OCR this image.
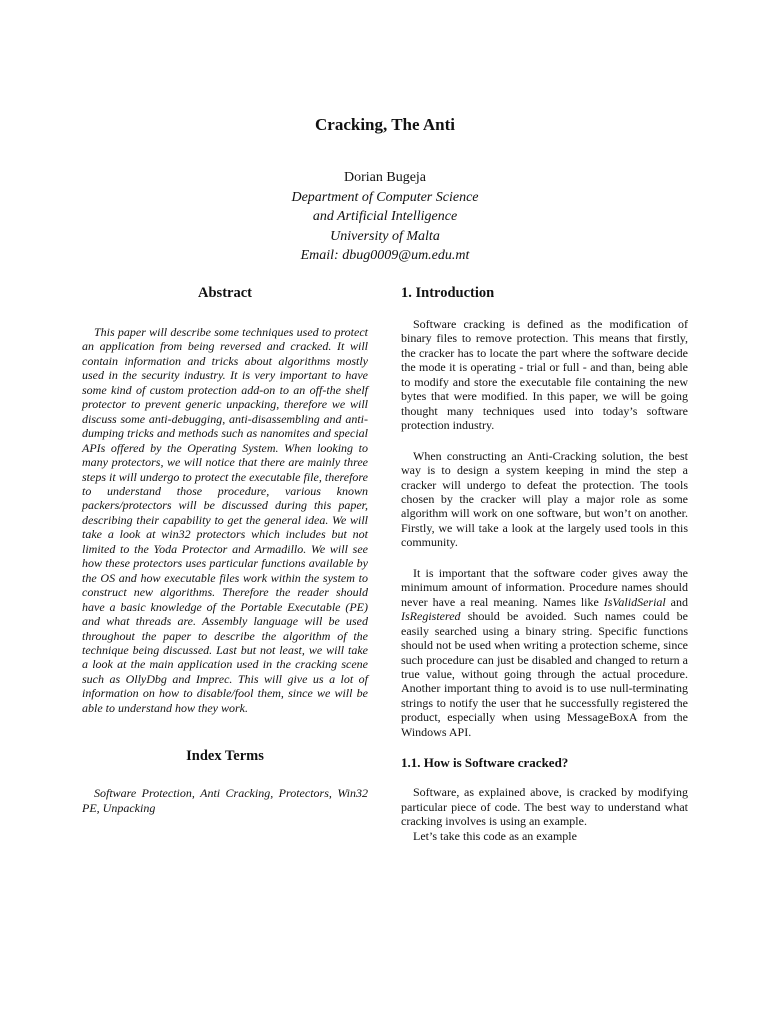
Cracking, The Anti
Dorian Bugeja
Department of Computer Science
and Artificial Intelligence
University of Malta
Email: dbug0009@um.edu.mt
Abstract

This paper will describe some techniques used to protect an application from being reversed and cracked. It will contain information and tricks about algorithms mostly used in the security industry. It is very important to have some kind of custom protection add-on to an off-the shelf protector to prevent generic unpacking, therefore we will discuss some anti-debugging, anti-disassembling and anti-dumping tricks and methods such as nanomites and special APIs offered by the Operating System. When looking to many protectors, we will notice that there are mainly three steps it will undergo to protect the executable file, therefore to understand those procedure, various known packers/protectors will be discussed during this paper, describing their capability to get the general idea. We will take a look at win32 protectors which includes but not limited to the Yoda Protector and Armadillo. We will see how these protectors uses particular functions available by the OS and how executable files work within the system to construct new algorithms. Therefore the reader should have a basic knowledge of the Portable Executable (PE) and what threads are. Assembly language will be used throughout the paper to describe the algorithm of the technique being discussed. Last but not least, we will take a look at the main application used in the cracking scene such as OllyDbg and Imprec. This will give us a lot of information on how to disable/fool them, since we will be able to understand how they work.

Index Terms

Software Protection, Anti Cracking, Protectors, Win32 PE, Unpacking

1. Introduction

Software cracking is defined as the modification of binary files to remove protection. This means that firstly, the cracker has to locate the part where the software decide the mode it is operating - trial or full - and than, being able to modify and store the executable file containing the new bytes that were modified. In this paper, we will be going thought many techniques used into today’s software protection industry.

When constructing an Anti-Cracking solution, the best way is to design a system keeping in mind the step a cracker will undergo to defeat the protection. The tools chosen by the cracker will play a major role as some algorithm will work on one software, but won’t on another. Firstly, we will take a look at the largely used tools in this community.

It is important that the software coder gives away the minimum amount of information. Procedure names should never have a real meaning. Names like IsValidSerial and IsRegistered should be avoided. Such names could be easily searched using a binary string. Specific functions should not be used when writing a protection scheme, since such procedure can just be disabled and changed to return a true value, without going through the actual procedure. Another important thing to avoid is to use null-terminating strings to notify the user that he successfully registered the product, especially when using MessageBoxA from the Windows API.

1.1. How is Software cracked?

Software, as explained above, is cracked by modifying particular piece of code. The best way to understand what cracking involves is using an example.

Let’s take this code as an example
